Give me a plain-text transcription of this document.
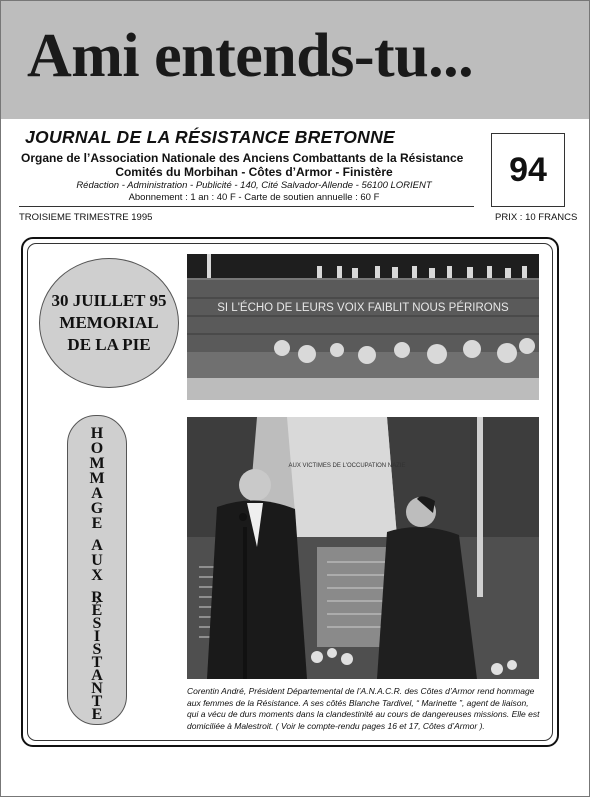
Ami entends-tu...
JOURNAL DE LA RÉSISTANCE BRETONNE
Organe de l’Association Nationale des Anciens Combattants de la Résistance
Comités du Morbihan - Côtes d’Armor - Finistère
Rédaction - Administration - Publicité - 140, Cité Salvador-Allende - 56100 LORIENT
Abonnement : 1 an : 40 F - Carte de soutien annuelle : 60 F
94
TROISIEME TRIMESTRE 1995	PRIX : 10 FRANCS
30 JUILLET 95
MEMORIAL
DE LA PIE
H
O
M
M
A
G
E
A
U
X
R
É
S
I
S
T
A
N
T
E
SI L'ÉCHO DE LEURS VOIX FAIBLIT NOUS PÉRIRONS
AUX VICTIMES DE L'OCCUPATION NAZIE
Corentin André, Président Départemental de l’A.N.A.C.R. des Côtes d’Armor rend hommage aux femmes de la Résistance. A ses côtés Blanche Tardivel, “ Marinette ”, agent de liaison, qui a vécu de durs moments dans la clandestinité au cours de dangereuses missions. Elle est domiciliée à Malestroit. ( Voir le compte-rendu pages 16 et 17, Côtes d’Armor ).
